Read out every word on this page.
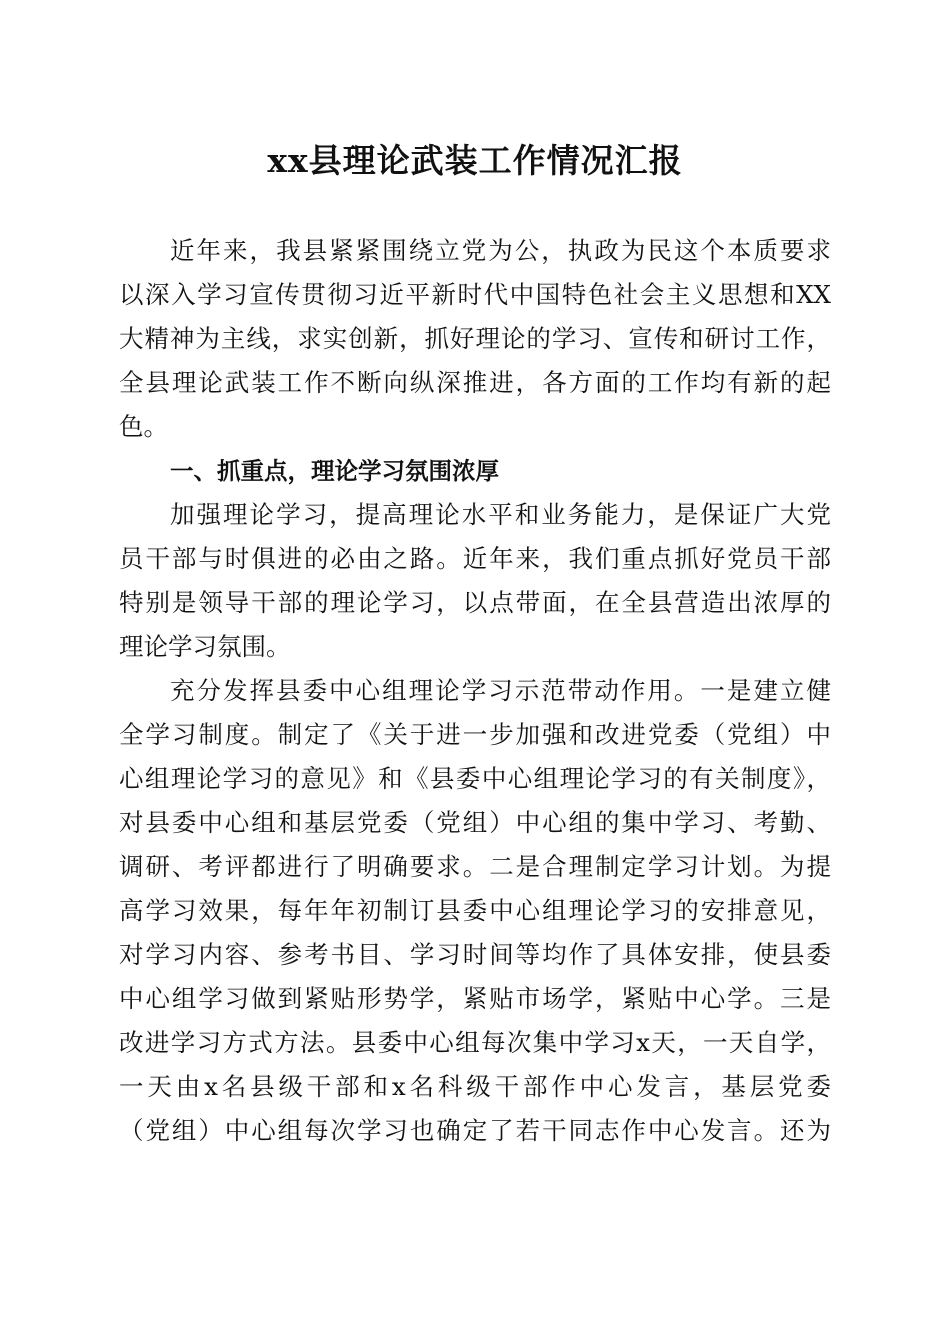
xx县理论武装工作情况汇报
近年来，我县紧紧围绕立党为公，执政为民这个本质要求
以深入学习宣传贯彻习近平新时代中国特色社会主义思想和XX
大精神为主线，求实创新，抓好理论的学习、宣传和研讨工作，
全县理论武装工作不断向纵深推进，各方面的工作均有新的起
色。
一、抓重点，理论学习氛围浓厚
加强理论学习，提高理论水平和业务能力，是保证广大党
员干部与时俱进的必由之路。近年来，我们重点抓好党员干部
特别是领导干部的理论学习，以点带面，在全县营造出浓厚的
理论学习氛围。
充分发挥县委中心组理论学习示范带动作用。一是建立健
全学习制度。制定了《关于进一步加强和改进党委（党组）中
心组理论学习的意见》和《县委中心组理论学习的有关制度》，
对县委中心组和基层党委（党组）中心组的集中学习、考勤、
调研、考评都进行了明确要求。二是合理制定学习计划。为提
高学习效果，每年年初制订县委中心组理论学习的安排意见，
对学习内容、参考书目、学习时间等均作了具体安排，使县委
中心组学习做到紧贴形势学，紧贴市场学，紧贴中心学。三是
改进学习方式方法。县委中心组每次集中学习x天，一天自学，
一天由x名县级干部和x名科级干部作中心发言，基层党委
（党组）中心组每次学习也确定了若干同志作中心发言。还为
